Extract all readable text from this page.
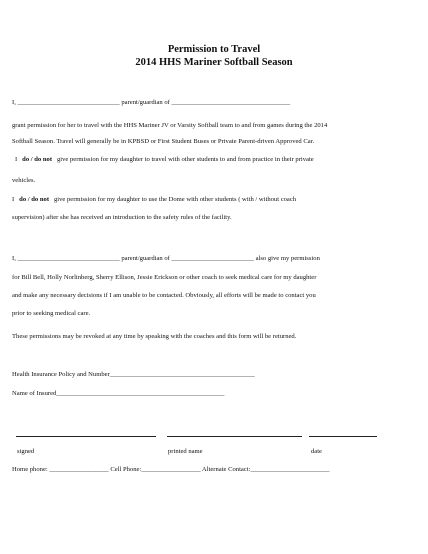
Permission to Travel
2014 HHS Mariner Softball Season
I, _______________________________ parent/guardian of ____________________________________
grant permission for her to travel with the HHS Mariner JV or Varsity Softball team to and from games during the 2014
Softball Season. Travel will generally be in KPBSD or First Student Buses or Private Parent-driven Approved Car.
I do / do not give permission for my daughter to travel with other students to and from practice in their private
vehicles.
I do / do not give permission for my daughter to use the Dome with other students ( with / without coach
supervision) after she has received an introduction to the safety rules of the facility.
I, _______________________________ parent/guardian of _________________________ also give my permission
for Bill Bell, Holly Norlinberg, Sherry Ellison, Jessie Erickson or other coach to seek medical care for my daughter
and make any necessary decisions if I am unable to be contacted. Obviously, all efforts will be made to contact you
prior to seeking medical care.
These permissions may be revoked at any time by speaking with the coaches and this form will be returned.
Health Insurance Policy and Number____________________________________________
Name of Insured___________________________________________________
signed	printed name	date
Home phone: __________________ Cell Phone:__________________ Alternate Contact:________________________
